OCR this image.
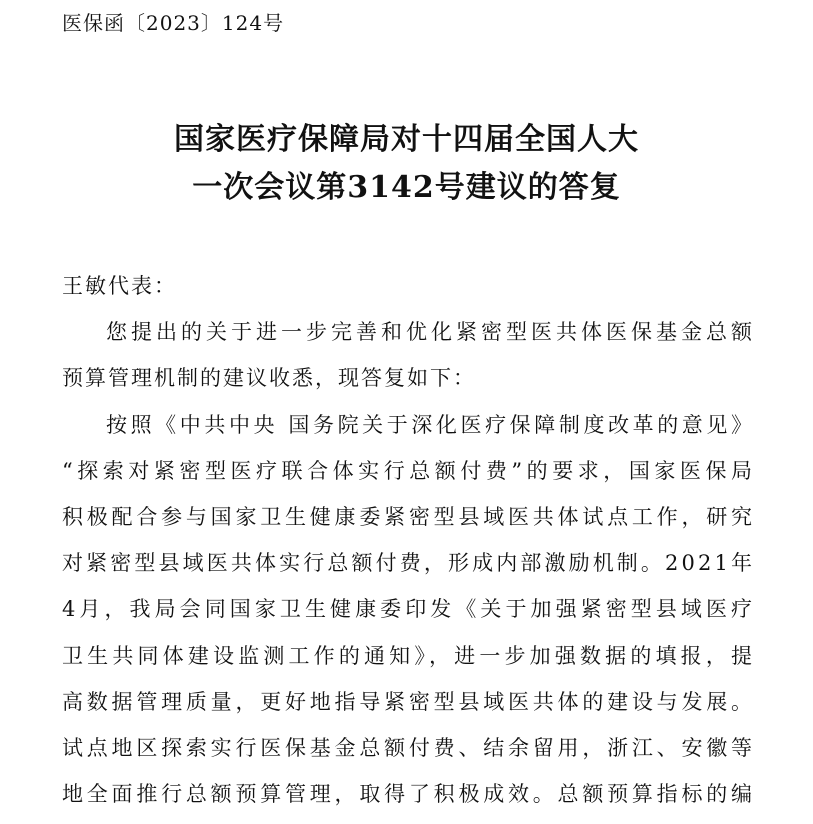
医保函〔2023〕124号
国家医疗保障局对十四届全国人大
一次会议第3142号建议的答复
王敏代表：
您提出的关于进一步完善和优化紧密型医共体医保基金总额
预算管理机制的建议收悉，现答复如下：
按照《中共中央 国务院关于深化医疗保障制度改革的意见》
“探索对紧密型医疗联合体实行总额付费”的要求，国家医保局
积极配合参与国家卫生健康委紧密型县域医共体试点工作，研究
对紧密型县域医共体实行总额付费，形成内部激励机制。2021年
4月，我局会同国家卫生健康委印发《关于加强紧密型县域医疗
卫生共同体建设监测工作的通知》，进一步加强数据的填报，提
高数据管理质量，更好地指导紧密型县域医共体的建设与发展。
试点地区探索实行医保基金总额付费、结余留用，浙江、安徽等
地全面推行总额预算管理，取得了积极成效。总额预算指标的编
